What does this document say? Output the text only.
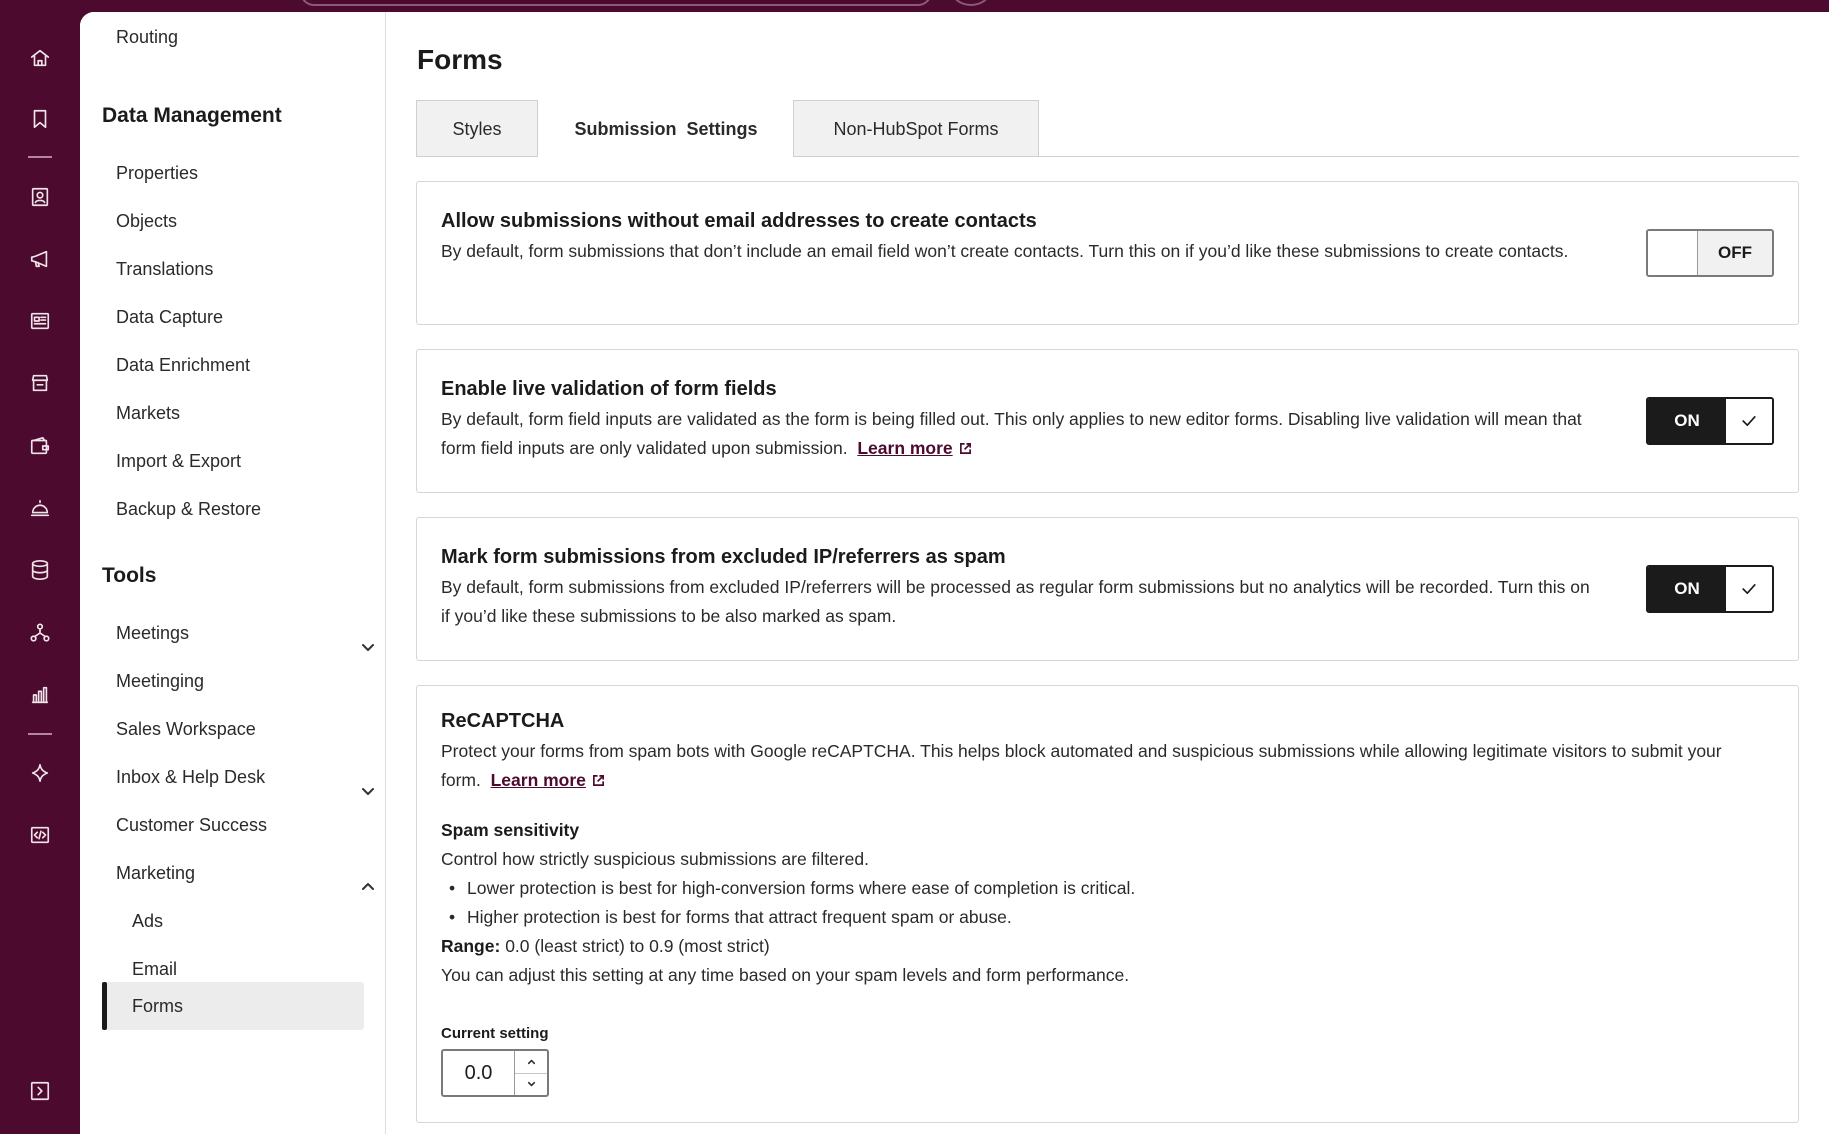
Routing
Data Management
Properties
Objects
Translations
Data Capture
Data Enrichment
Markets
Import & Export
Backup & Restore
Tools
Meetings
Meetinging
Sales Workspace
Inbox & Help Desk
Customer Success
Marketing
Ads
Email
Forms
Forms
Styles	Submission  Settings	Non-HubSpot Forms
Allow submissions without email addresses to create contacts

By default, form submissions that don’t include an email field won’t create contacts. Turn this on if you’d like these submissions to create contacts.	OFF
Enable live validation of form fields

By default, form field inputs are validated as the form is being filled out. This only applies to new editor forms. Disabling live validation will mean that form field inputs are only validated upon submission. Learn more

ON
Mark form submissions from excluded IP/referrers as spam

By default, form submissions from excluded IP/referrers will be processed as regular form submissions but no analytics will be recorded. Turn this on if you’d like these submissions to be also marked as spam.

ON
ReCAPTCHA

Protect your forms from spam bots with Google reCAPTCHA. This helps block automated and suspicious submissions while allowing legitimate visitors to submit your form. Learn more

Spam sensitivity
Control how strictly suspicious submissions are filtered.
• Lower protection is best for high-conversion forms where ease of completion is critical.
• Higher protection is best for forms that attract frequent spam or abuse.
Range: 0.0 (least strict) to 0.9 (most strict)
You can adjust this setting at any time based on your spam levels and form performance.
Current setting
0.0
